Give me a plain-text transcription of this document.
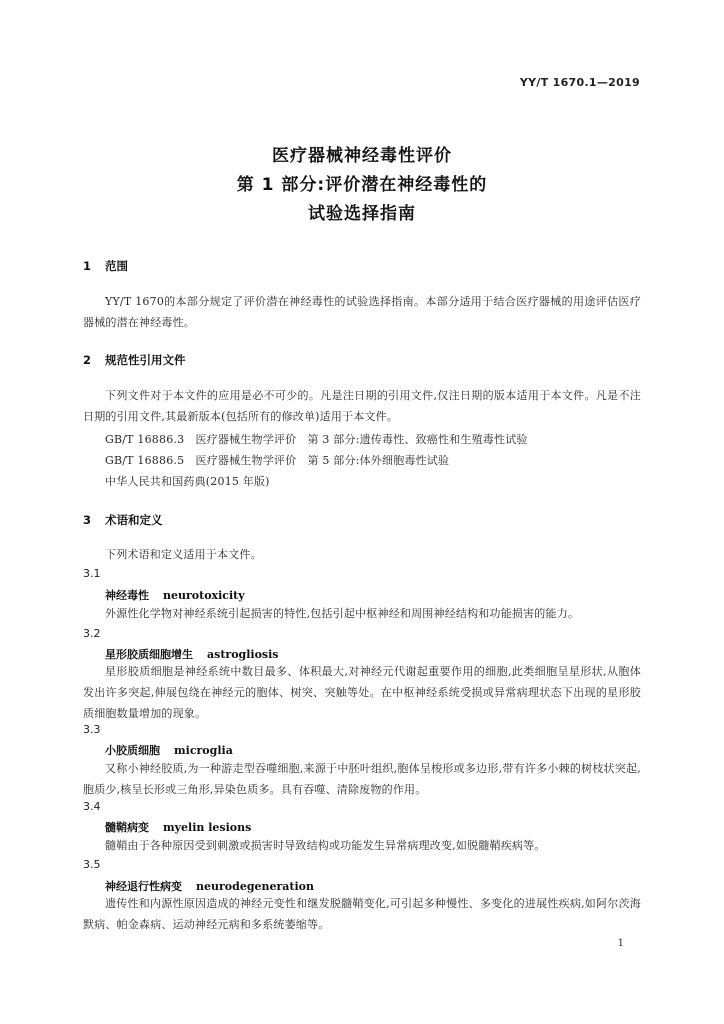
YY/T 1670.1—2019
医疗器械神经毒性评价
第 1 部分:评价潜在神经毒性的
试验选择指南
1 范围
YY/T 1670的本部分规定了评价潜在神经毒性的试验选择指南。本部分适用于结合医疗器械的用途评估医疗器械的潜在神经毒性。
2 规范性引用文件
下列文件对于本文件的应用是必不可少的。凡是注日期的引用文件,仅注日期的版本适用于本文件。凡是不注日期的引用文件,其最新版本(包括所有的修改单)适用于本文件。
GB/T 16886.3　医疗器械生物学评价　第 3 部分:遗传毒性、致癌性和生殖毒性试验
GB/T 16886.5　医疗器械生物学评价　第 5 部分:体外细胞毒性试验
中华人民共和国药典(2015 年版)
3 术语和定义
下列术语和定义适用于本文件。
3.1
神经毒性 neurotoxicity
外源性化学物对神经系统引起损害的特性,包括引起中枢神经和周围神经结构和功能损害的能力。
3.2
星形胶质细胞增生 astrogliosis
星形胶质细胞是神经系统中数目最多、体积最大,对神经元代谢起重要作用的细胞,此类细胞呈星形状,从胞体发出许多突起,伸展包绕在神经元的胞体、树突、突触等处。在中枢神经系统受损或异常病理状态下出现的星形胶质细胞数量增加的现象。
3.3
小胶质细胞 microglia
又称小神经胶质,为一种游走型吞噬细胞,来源于中胚叶组织,胞体呈梭形或多边形,带有许多小棘的树枝状突起,胞质少,核呈长形或三角形,异染色质多。具有吞噬、清除废物的作用。
3.4
髓鞘病变 myelin lesions
髓鞘由于各种原因受到刺激或损害时导致结构或功能发生异常病理改变,如脱髓鞘疾病等。
3.5
神经退行性病变 neurodegeneration
遗传性和内源性原因造成的神经元变性和继发脱髓鞘变化,可引起多种慢性、多变化的进展性疾病,如阿尔茨海默病、帕金森病、运动神经元病和多系统萎缩等。
1
